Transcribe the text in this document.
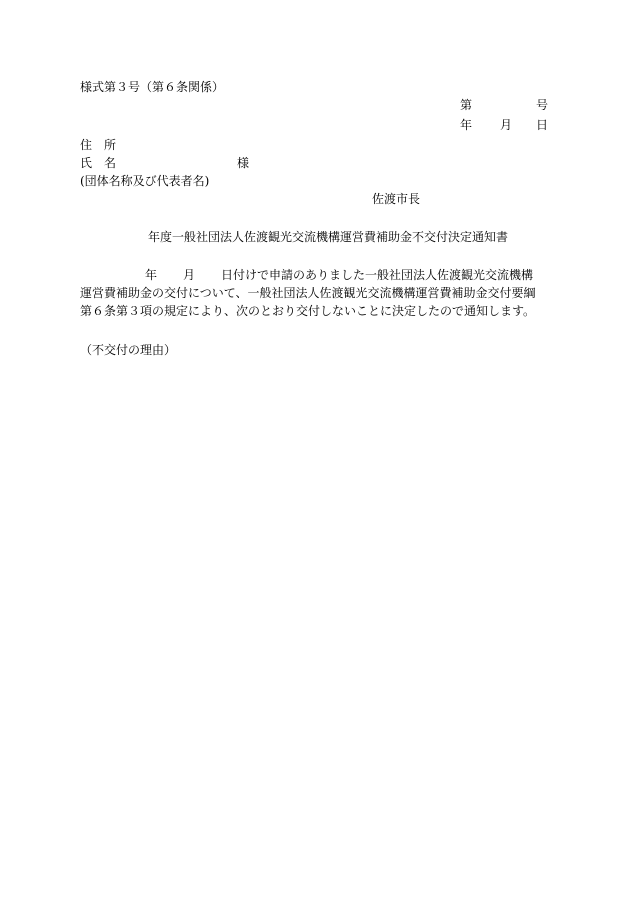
様式第３号（第６条関係）
第	号
年 月 日
住　所
氏　名	様
(団体名称及び代表者名)
佐渡市長
年度一般社団法人佐渡観光交流機構運営費補助金不交付決定通知書
年 月 日付けで申請のありました一般社団法人佐渡観光交流機構
運営費補助金の交付について、一般社団法人佐渡観光交流機構運営費補助金交付要綱
第６条第３項の規定により、次のとおり交付しないことに決定したので通知します。
（不交付の理由）
